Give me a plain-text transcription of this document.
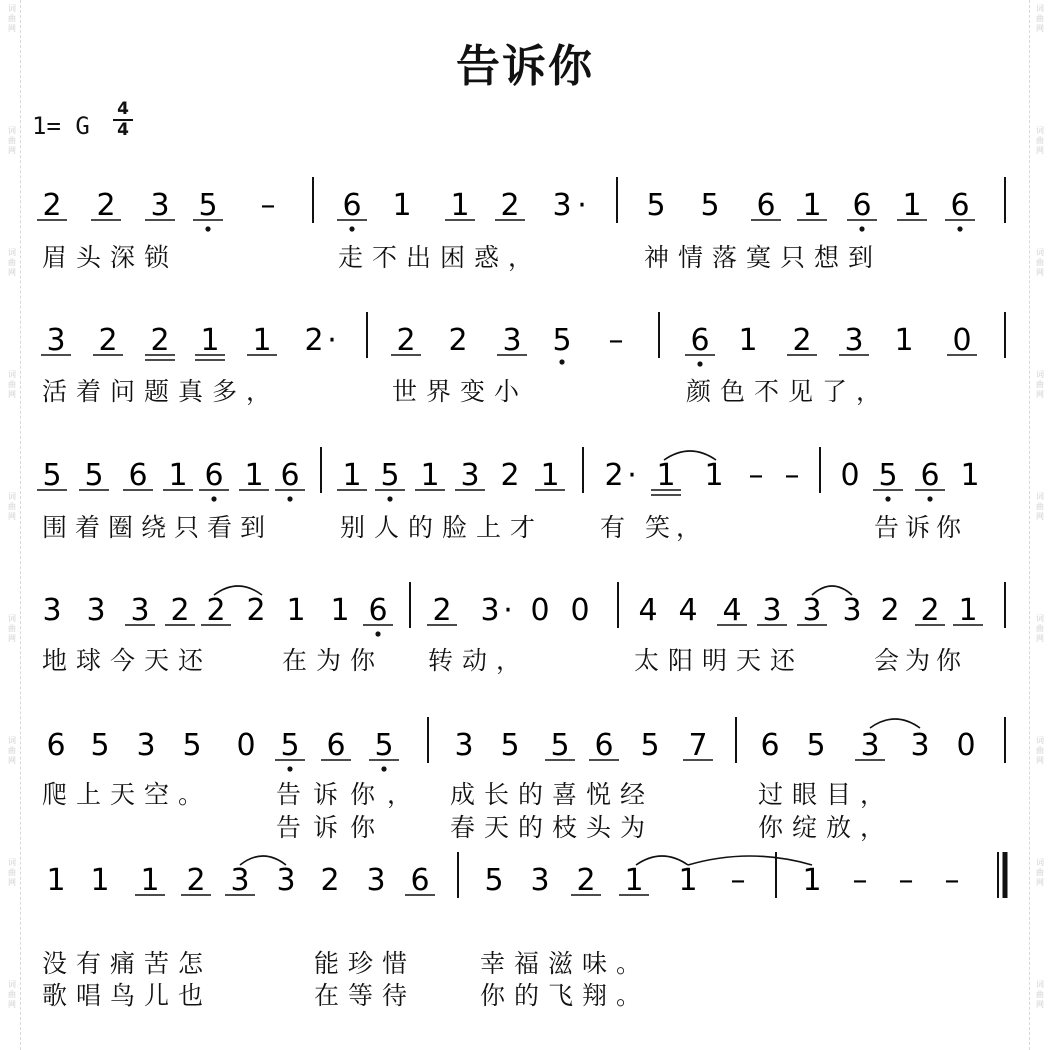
词
曲
网
词
曲
网
词
曲
网
词
曲
网
词
曲
网
词
曲
网
词
曲
网
词
曲
网
词
曲
网
词
曲
网
词
曲
网
词
曲
网
词
曲
网
词
曲
网
词
曲
网
词
曲
网
词
曲
网
词
曲
网
告诉你
1= G $\frac{4}{4}$
2 2 3 5 – 6 1 1 2 3 · 5 5 6 1 6 1 6
3 2 2 1 1 2 · 2 2 3 5 – 6 1 2 3 1 0
5 5 6 1 6 1 6 1 5 1 3 2 1 2 · 1 1 – – 0 5 6 1
3 3 3 2 2 2 1 1 6 2 3 · 0 0 4 4 4 3 3 3 2 2 1
6 5 3 5 0 5 6 5 3 5 5 6 5 7 6 5 3 3 0
1 1 1 2 3 3 2 3 6 5 3 2 1 1 – 1 – – –
眉头深锁	走不出困惑，	神情落寞只想到
活着问题真多，	世界变小	颜色不见了，
围着圈绕只看到	别人的脸上才 有 笑，	告诉你
地球今天还	在为你 转动，	太阳明天还	会为你
爬上天空。	告诉你， 成长的喜悦经	过眼目，
告诉你	春天的枝头为	你绽放，
没有痛苦怎	能珍惜	幸福滋味。
歌唱鸟儿也	在等待	你的飞翔。
